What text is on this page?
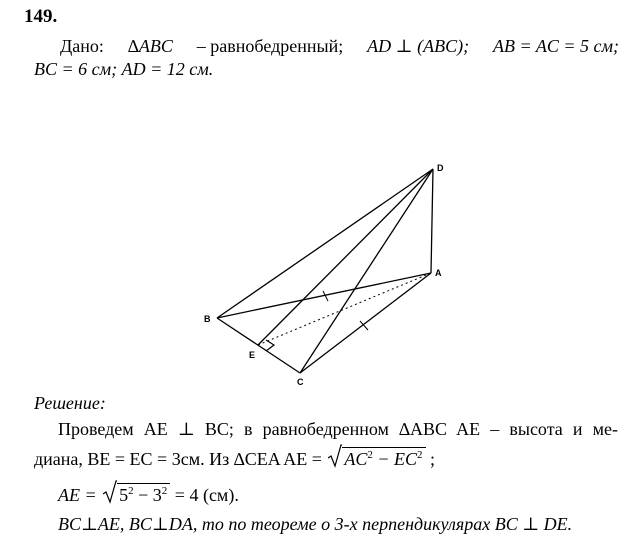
149.
Дано: ∆ABC – равнобедренный; AD ⊥ (ABC); AB = AC = 5 см;
BC = 6 см; AD = 12 см.
D
A
B
C
E
Решение:
Проведем AE ⊥ BC; в равнобедренном ∆ABC AE – высота и ме-
диана, BE = EC = 3см. Из ∆CEA AE = $AC^2 - EC^2$ ;
AE = $5^2 - 3^2 = 4$ (см).
BC⊥AE, BC⊥DA, то по теореме о 3-х перпендикулярах BC ⊥ DE.
